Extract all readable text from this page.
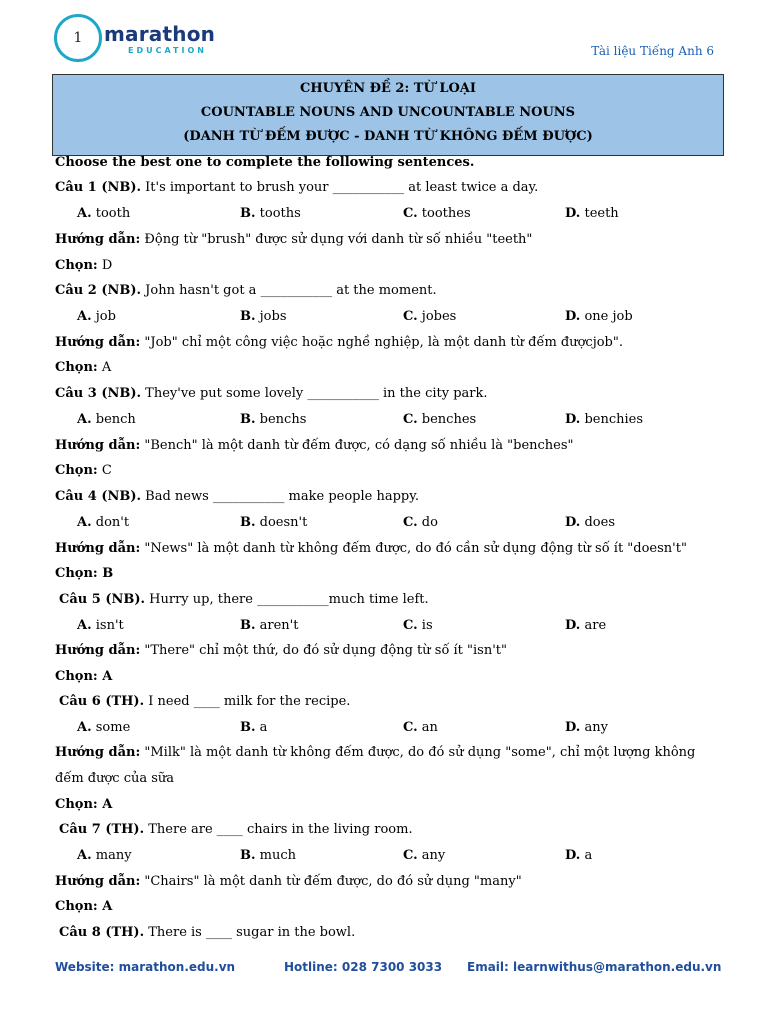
1	marathon
EDUCATION	Tài liệu Tiếng Anh 6
CHUYÊN ĐỀ 2: TỪ LOẠI
COUNTABLE NOUNS AND UNCOUNTABLE NOUNS
(DANH TỪ ĐẾM ĐƯỢC - DANH TỪ KHÔNG ĐẾM ĐƯỢC)
Choose the best one to complete the following sentences.
Câu 1 (NB). It's important to brush your ___________ at least twice a day.
A. tooth	B. tooths	C. toothes	D. teeth
Hướng dẫn: Động từ "brush" được sử dụng với danh từ số nhiều "teeth"
Chọn: D
Câu 2 (NB). John hasn't got a ___________ at the moment.
A. job	B. jobs	C. jobes	D. one job
Hướng dẫn: "Job" chỉ một công việc hoặc nghề nghiệp, là một danh từ đếm đượcjob".
Chọn: A
Câu 3 (NB). They've put some lovely ___________ in the city park.
A. bench	B. benchs	C. benches	D. benchies
Hướng dẫn: "Bench" là một danh từ đếm được, có dạng số nhiều là "benches"
Chọn: C
Câu 4 (NB). Bad news ___________ make people happy.
A. don't	B. doesn't	C. do	D. does
Hướng dẫn: "News" là một danh từ không đếm được, do đó cần sử dụng động từ số ít "doesn't"
Chọn: B
Câu 5 (NB). Hurry up, there ___________much time left.
A. isn't	B. aren't	C. is	D. are
Hướng dẫn: "There" chỉ một thứ, do đó sử dụng động từ số ít "isn't"
Chọn: A
Câu 6 (TH). I need ____ milk for the recipe.
A. some	B. a	C. an	D. any
Hướng dẫn: "Milk" là một danh từ không đếm được, do đó sử dụng "some", chỉ một lượng không
đếm được của sữa
Chọn: A
Câu 7 (TH). There are ____ chairs in the living room.
A. many	B. much	C. any	D. a
Hướng dẫn: "Chairs" là một danh từ đếm được, do đó sử dụng "many"
Chọn: A
Câu 8 (TH). There is ____ sugar in the bowl.
Website: marathon.edu.vn	Hotline: 028 7300 3033 Email: learnwithus@marathon.edu.vn
